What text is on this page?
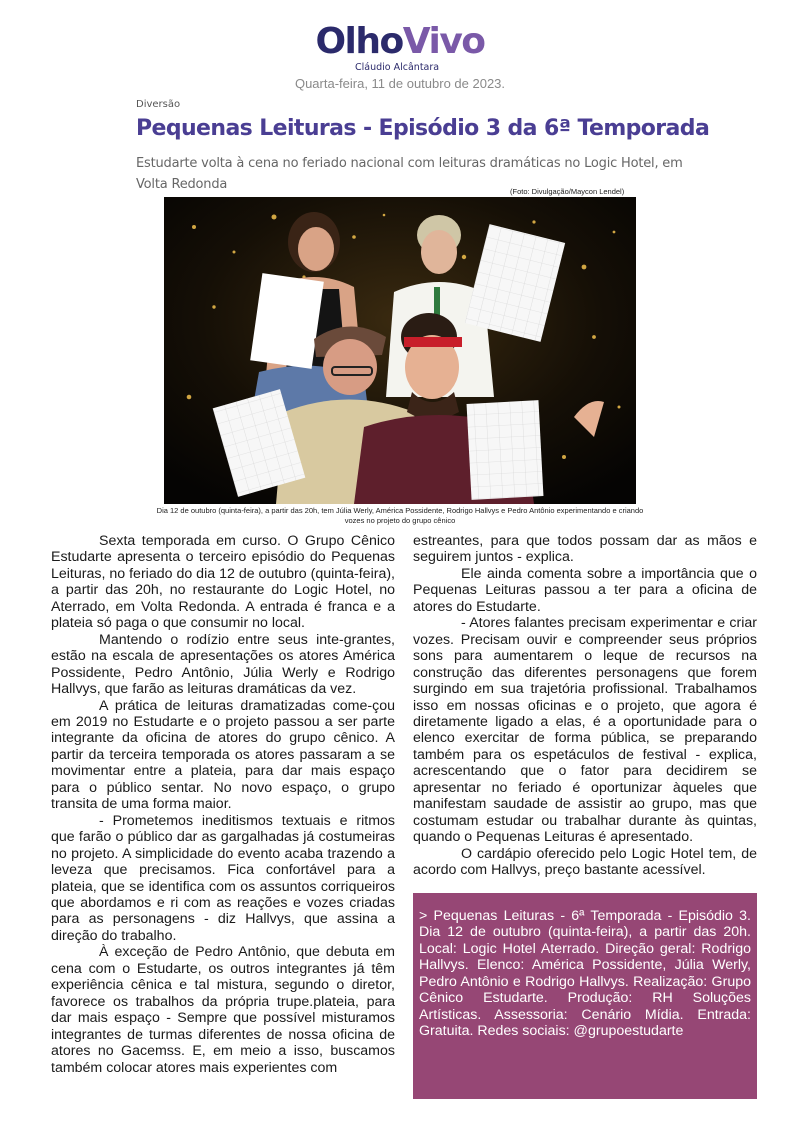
OlhoVivo
Cláudio Alcântara
Quarta-feira, 11 de outubro de 2023.
Diversão
Pequenas Leituras - Episódio 3 da 6ª Temporada
Estudarte volta à cena no feriado nacional com leituras dramáticas no Logic Hotel, em Volta Redonda	(Foto: Divulgação/Maycon Lendel)
Dia 12 de outubro (quinta-feira), a partir das 20h, tem Júlia Werly, América Possidente, Rodrigo Hallvys e Pedro Antônio experimentando e criando vozes no projeto do grupo cênico

Sexta temporada em curso. O Grupo Cênico Estudarte apresenta o terceiro episódio do Pequenas Leituras, no feriado do dia 12 de outubro (quinta-feira), a partir das 20h, no restaurante do Logic Hotel, no Aterrado, em Volta Redonda. A entrada é franca e a plateia só paga o que consumir no local.

Mantendo o rodízio entre seus inte-grantes, estão na escala de apresentações os atores América Possidente, Pedro Antônio, Júlia Werly e Rodrigo Hallvys, que farão as leituras dramáticas da vez.

A prática de leituras dramatizadas come-çou em 2019 no Estudarte e o projeto passou a ser parte integrante da oficina de atores do grupo cênico. A partir da terceira temporada os atores passaram a se movimentar entre a plateia, para dar mais espaço para o público sentar. No novo espaço, o grupo transita de uma forma maior.

- Prometemos ineditismos textuais e ritmos que farão o público dar as gargalhadas já costumeiras no projeto. A simplicidade do evento acaba trazendo a leveza que precisamos. Fica confortável para a plateia, que se identifica com os assuntos corriqueiros que abordamos e ri com as reações e vozes criadas para as personagens - diz Hallvys, que assina a direção do trabalho.

À exceção de Pedro Antônio, que debuta em cena com o Estudarte, os outros integrantes já têm experiência cênica e tal mistura, segundo o diretor, favorece os trabalhos da própria trupe.plateia, para dar mais espaço - Sempre que possível misturamos integrantes de turmas diferentes de nossa oficina de atores no Gacemss. E, em meio a isso, buscamos também colocar atores mais experientes com

estreantes, para que todos possam dar as mãos e seguirem juntos - explica.

Ele ainda comenta sobre a importância que o Pequenas Leituras passou a ter para a oficina de atores do Estudarte.

- Atores falantes precisam experimentar e criar vozes. Precisam ouvir e compreender seus próprios sons para aumentarem o leque de recursos na construção das diferentes personagens que forem surgindo em sua trajetória profissional. Trabalhamos isso em nossas oficinas e o projeto, que agora é diretamente ligado a elas, é a oportunidade para o elenco exercitar de forma pública, se preparando também para os espetáculos de festival - explica, acrescentando que o fator para decidirem se apresentar no feriado é oportunizar àqueles que manifestam saudade de assistir ao grupo, mas que costumam estudar ou trabalhar durante às quintas, quando o Pequenas Leituras é apresentado.

O cardápio oferecido pelo Logic Hotel tem, de acordo com Hallvys, preço bastante acessível.

> Pequenas Leituras - 6ª Temporada - Episódio 3. Dia 12 de outubro (quinta-feira), a partir das 20h. Local: Logic Hotel Aterrado. Direção geral: Rodrigo Hallvys. Elenco: América Possidente, Júlia Werly, Pedro Antônio e Rodrigo Hallvys. Realização: Grupo Cênico Estudarte. Produção: RH Soluções Artísticas. Assessoria: Cenário Mídia. Entrada: Gratuita. Redes sociais: @grupoestudarte
